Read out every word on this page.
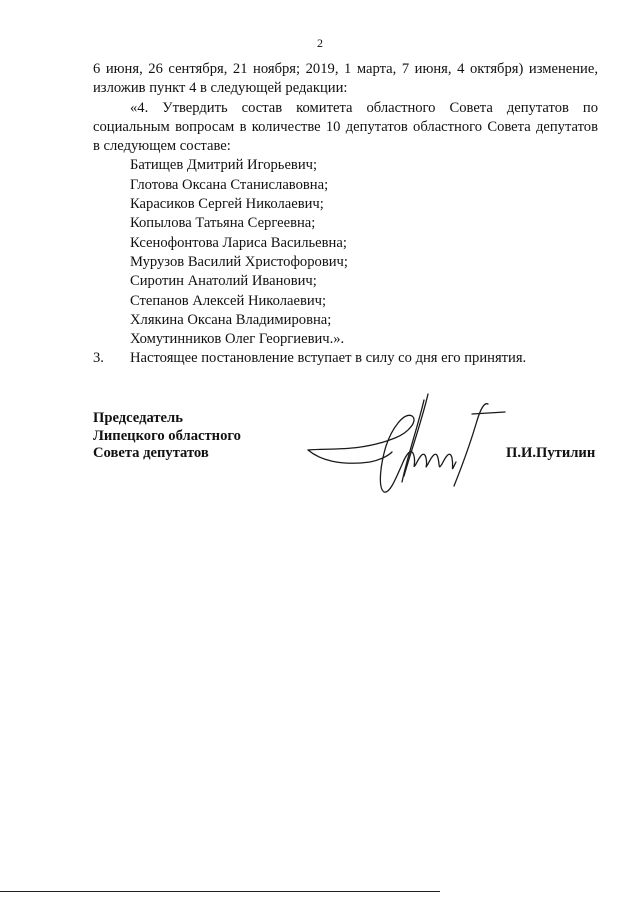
2
6 июня, 26 сентября, 21 ноября; 2019, 1 марта, 7 июня, 4 октября) изменение,
изложив пункт 4 в следующей редакции:
«4. Утвердить состав комитета областного Совета депутатов по
социальным вопросам в количестве 10 депутатов областного Совета депутатов
в следующем составе:
Батищев Дмитрий Игорьевич;
Глотова Оксана Станиславовна;
Карасиков Сергей Николаевич;
Копылова Татьяна Сергеевна;
Ксенофонтова Лариса Васильевна;
Мурузов Василий Христофорович;
Сиротин Анатолий Иванович;
Степанов Алексей Николаевич;
Хлякина Оксана Владимировна;
Хомутинников Олег Георгиевич.».
3. Настоящее постановление вступает в силу со дня его принятия.
Председатель
Липецкого областного
Совета депутатов	П.И.Путилин
